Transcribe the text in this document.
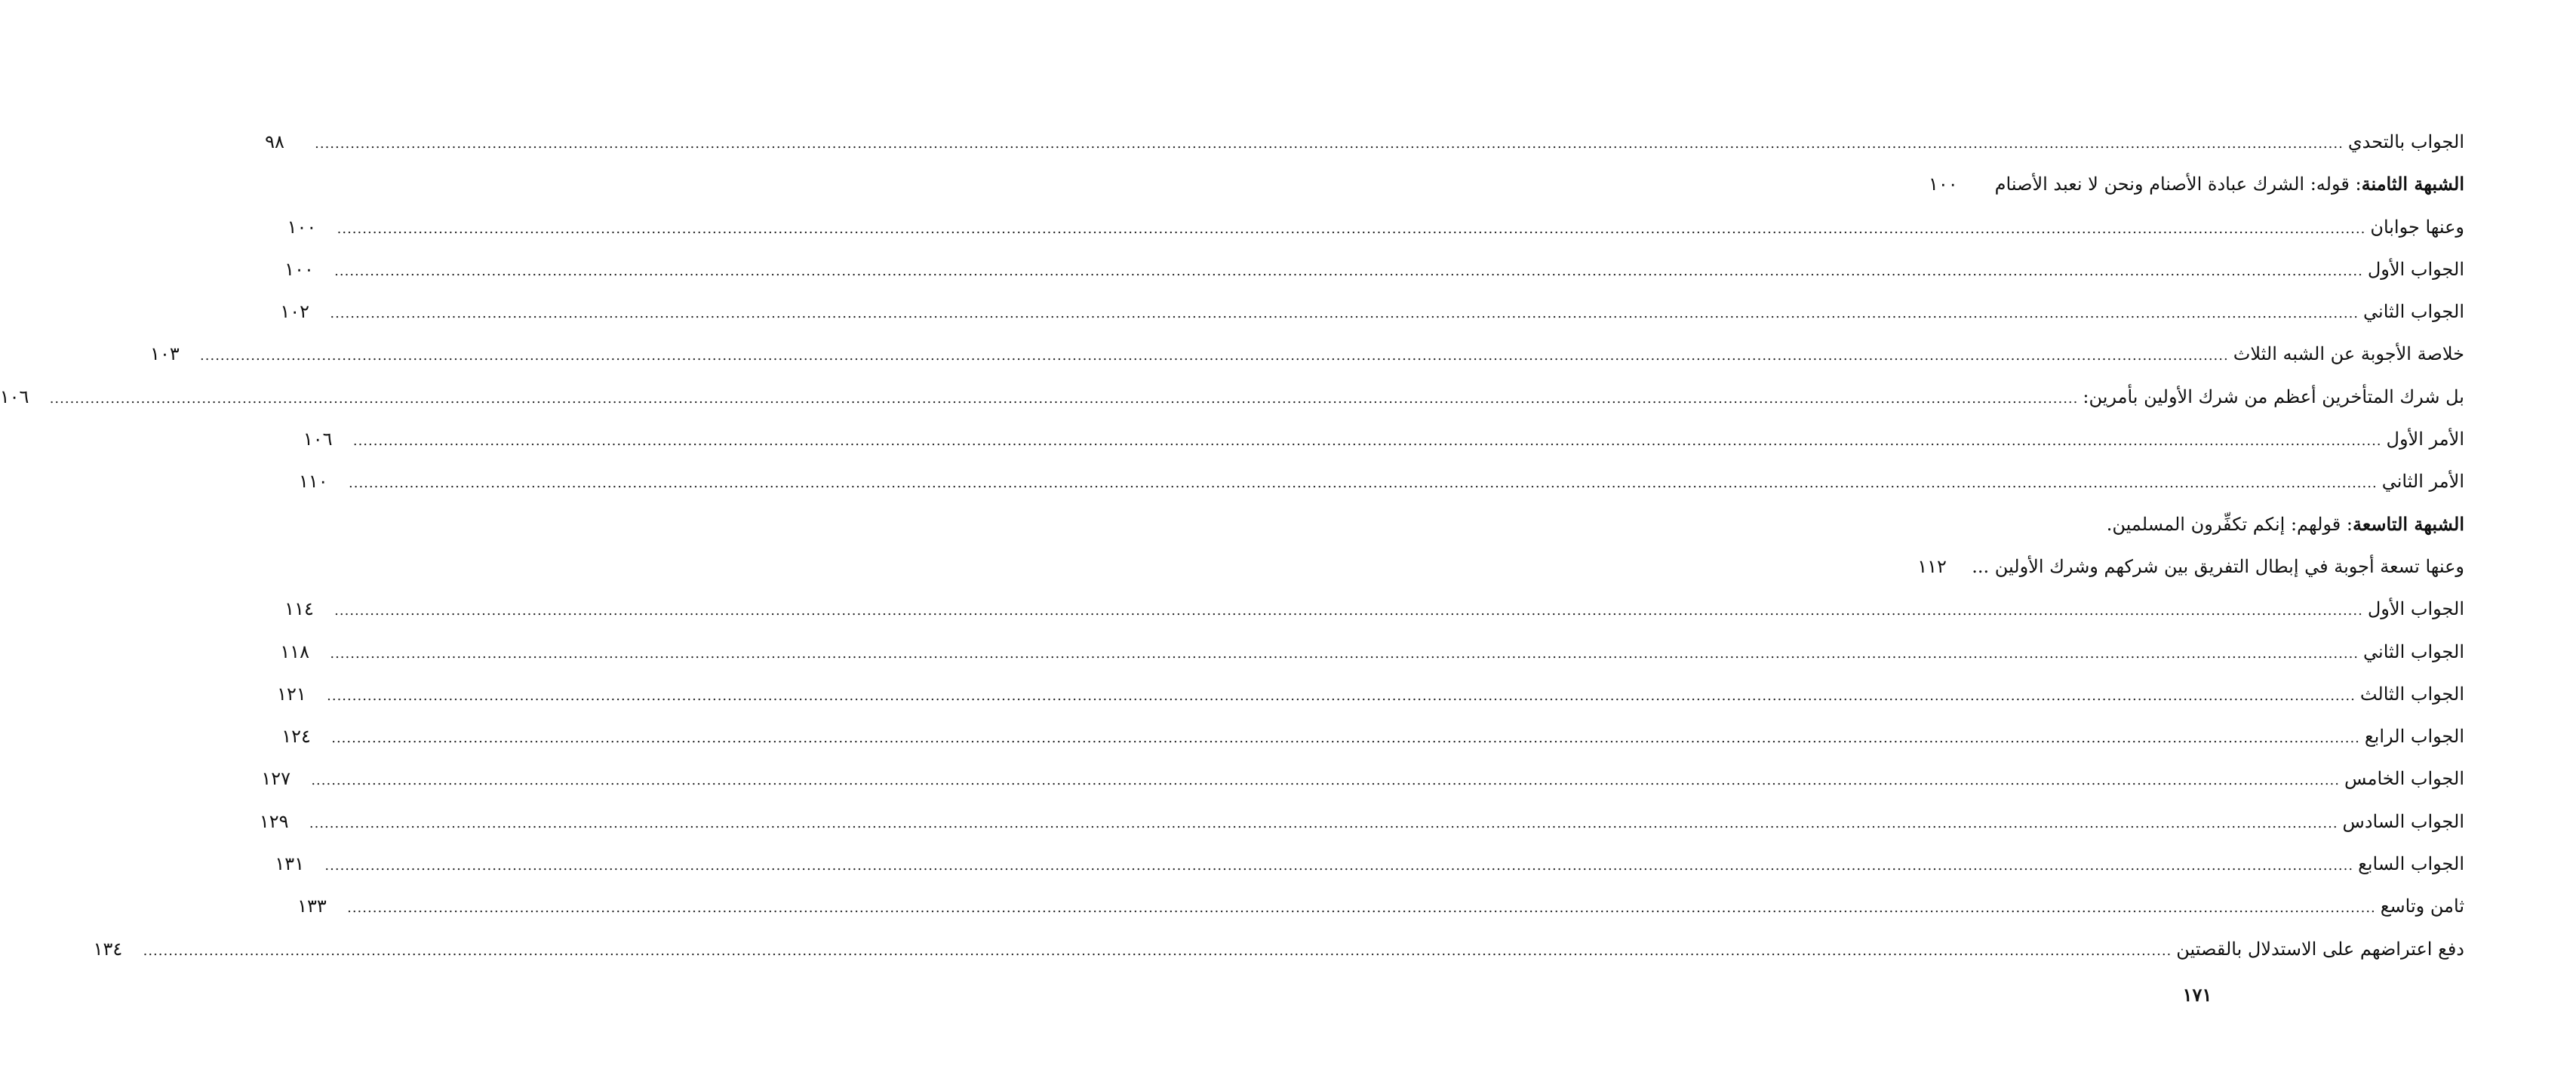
الجواب بالتحدي
................................................................................................................................................................................................................................................................................................................................................................................................................
٩٨
الشبهة الثامنة: قوله: الشرك عبادة الأصنام ونحن لا نعبد الأصنام
١٠٠
وعنها جوابان
................................................................................................................................................................................................................................................................................................................................................................................................................
١٠٠
الجواب الأول
................................................................................................................................................................................................................................................................................................................................................................................................................
١٠٠
الجواب الثاني
................................................................................................................................................................................................................................................................................................................................................................................................................
١٠٢
خلاصة الأجوبة عن الشبه الثلاث
................................................................................................................................................................................................................................................................................................................................................................................................................
١٠٣
بل شرك المتأخرين أعظم من شرك الأولين بأمرين:
................................................................................................................................................................................................................................................................................................................................................................................................................
١٠٦
الأمر الأول
................................................................................................................................................................................................................................................................................................................................................................................................................
١٠٦
الأمر الثاني
................................................................................................................................................................................................................................................................................................................................................................................................................
١١٠
الشبهة التاسعة: قولهم: إنكم تكفِّرون المسلمين.
وعنها تسعة أجوبة في إبطال التفريق بين شركهم وشرك الأولين ...
١١٢
الجواب الأول
................................................................................................................................................................................................................................................................................................................................................................................................................
١١٤
الجواب الثاني
................................................................................................................................................................................................................................................................................................................................................................................................................
١١٨
الجواب الثالث
................................................................................................................................................................................................................................................................................................................................................................................................................
١٢١
الجواب الرابع
................................................................................................................................................................................................................................................................................................................................................................................................................
١٢٤
الجواب الخامس
................................................................................................................................................................................................................................................................................................................................................................................................................
١٢٧
الجواب السادس
................................................................................................................................................................................................................................................................................................................................................................................................................
١٢٩
الجواب السابع
................................................................................................................................................................................................................................................................................................................................................................................................................
١٣١
ثامن وتاسع
................................................................................................................................................................................................................................................................................................................................................................................................................
١٣٣
دفع اعتراضهم على الاستدلال بالقصتين
................................................................................................................................................................................................................................................................................................................................................................................................................
١٣٤
١٧١
